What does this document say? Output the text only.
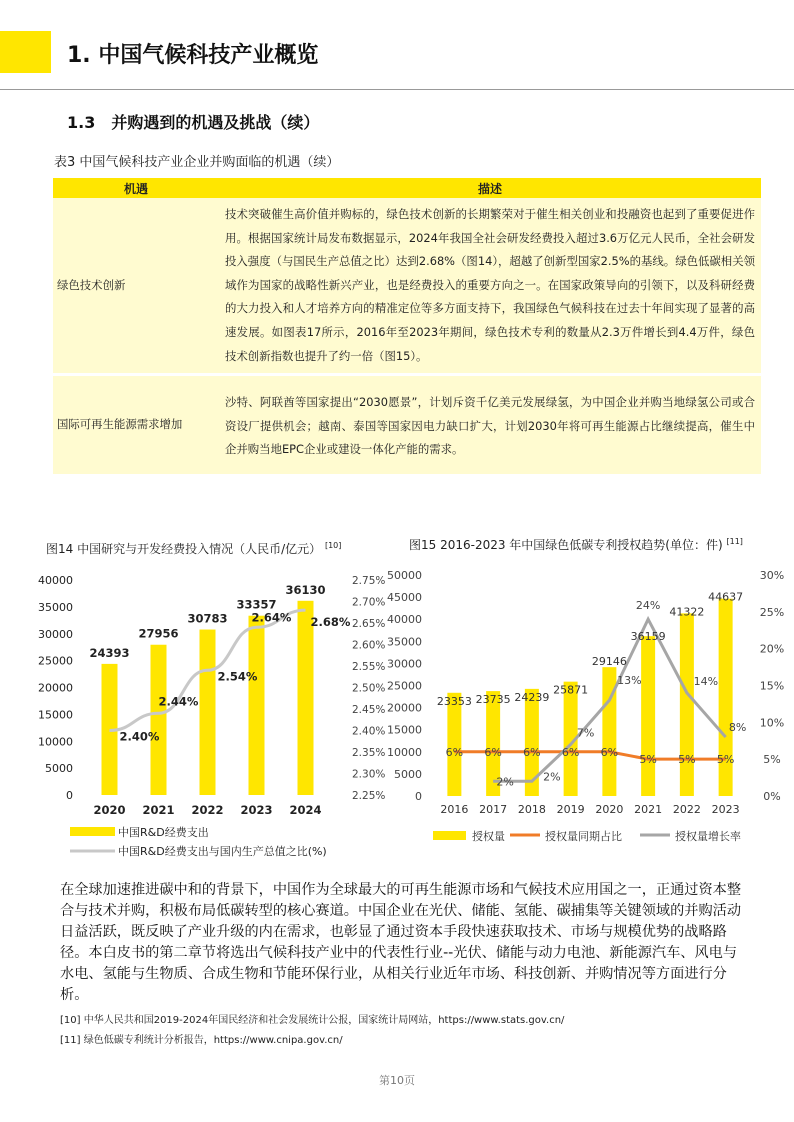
1. 中国气候科技产业概览
1.3　并购遇到的机遇及挑战（续）
表3 中国气候科技产业企业并购面临的机遇（续）
机遇	描述
绿色技术创新	技术突破催生高价值并购标的，绿色技术创新的长期繁荣对于催生相关创业和投融资也起到了重要促进作用。根据国家统计局发布数据显示，2024年我国全社会研发经费投入超过3.6万亿元人民币，全社会研发投入强度（与国民生产总值之比）达到2.68%（图14），超越了创新型国家2.5%的基线。绿色低碳相关领域作为国家的战略性新兴产业，也是经费投入的重要方向之一。在国家政策导向的引领下，以及科研经费的大力投入和人才培养方向的精准定位等多方面支持下，我国绿色气候科技在过去十年间实现了显著的高速发展。如图表17所示，2016年至2023年期间，绿色技术专利的数量从2.3万件增长到4.4万件，绿色技术创新指数也提升了约一倍（图15）。
国际可再生能源需求增加	沙特、阿联酋等国家提出“2030愿景”，计划斥资千亿美元发展绿氢，为中国企业并购当地绿氢公司或合资设厂提供机会；越南、泰国等国家因电力缺口扩大，计划2030年将可再生能源占比继续提高，催生中企并购当地EPC企业或建设一体化产能的需求。
图14 中国研究与开发经费投入情况（人民币/亿元） [10]	图15 2016-2023 年中国绿色低碳专利授权趋势(单位：件) [11]
0
5000
10000
15000
20000
25000
30000
35000
40000
2.25%
2.30%
2.35%
2.40%
2.45%
2.50%
2.55%
2.60%
2.65%
2.70%
2.75%
24393
2020
27956
2021
30783
2022
33357
2023
36130
2024
2.40%
2.44%
2.54%
2.64% 2.68%
中国R&D经费支出
中国R&D经费支出与国内生产总值之比(%)
0
5000
10000
15000
20000
25000
30000
35000
40000
45000
50000
0%
5%
10%
15%
20%
25%
30%
2016 2017 2018 2019 2020 2021 2022 2023
23353 23735 24239
25871
29146
36159
41322
44637
6% 6% 6% 6% 6%
5% 5% 5%
2%	2%
7%
13%
24%
14%
8%
授权量	授权量同期占比	授权量增长率
在全球加速推进碳中和的背景下，中国作为全球最大的可再生能源市场和气候技术应用国之一，正通过资本整合与技术并购，积极布局低碳转型的核心赛道。中国企业在光伏、储能、氢能、碳捕集等关键领域的并购活动日益活跃，既反映了产业升级的内在需求，也彰显了通过资本手段快速获取技术、市场与规模优势的战略路径。本白皮书的第二章节将选出气候科技产业中的代表性行业--光伏、储能与动力电池、新能源汽车、风电与水电、氢能与生物质、合成生物和节能环保行业，从相关行业近年市场、科技创新、并购情况等方面进行分析。
[10] 中华人民共和国2019-2024年国民经济和社会发展统计公报，国家统计局网站，https://www.stats.gov.cn/
[11] 绿色低碳专利统计分析报告，https://www.cnipa.gov.cn/
第10页
